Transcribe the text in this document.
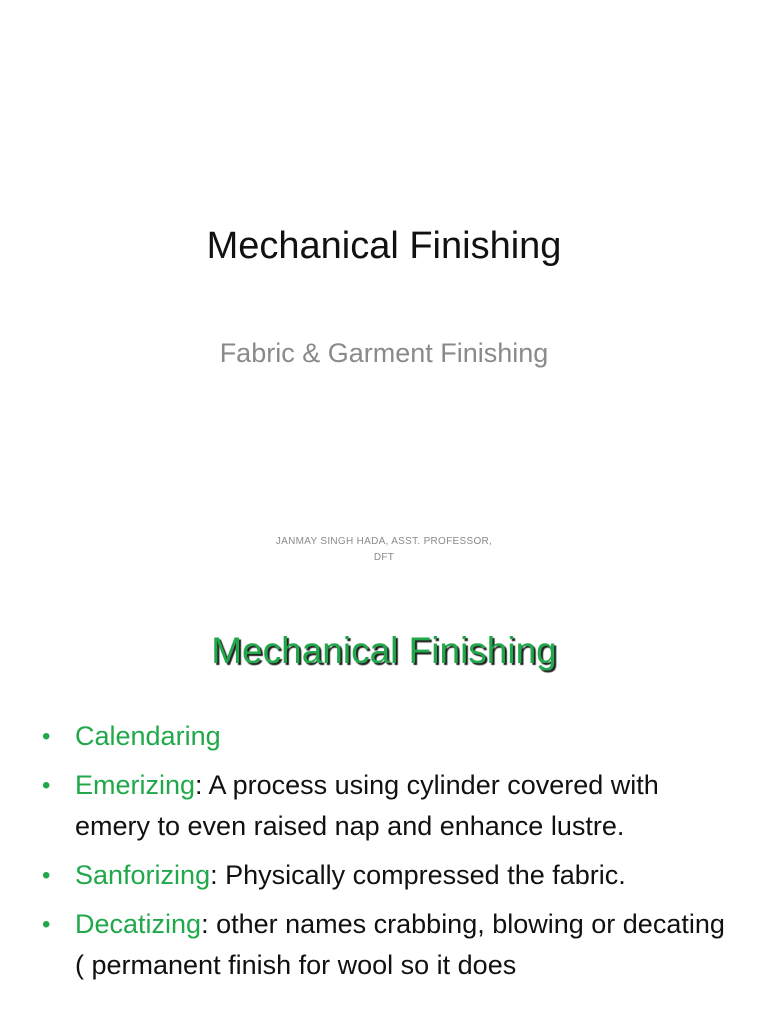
Mechanical Finishing

Fabric & Garment Finishing

JANMAY SINGH HADA, ASST. PROFESSOR,
DFT
Mechanical Finishing
• Calendaring
• Emerizing: A process using cylinder covered with emery to even raised nap and enhance lustre.
• Sanforizing: Physically compressed the fabric.
• Decatizing: other names crabbing, blowing or decating ( permanent finish for wool so it does
